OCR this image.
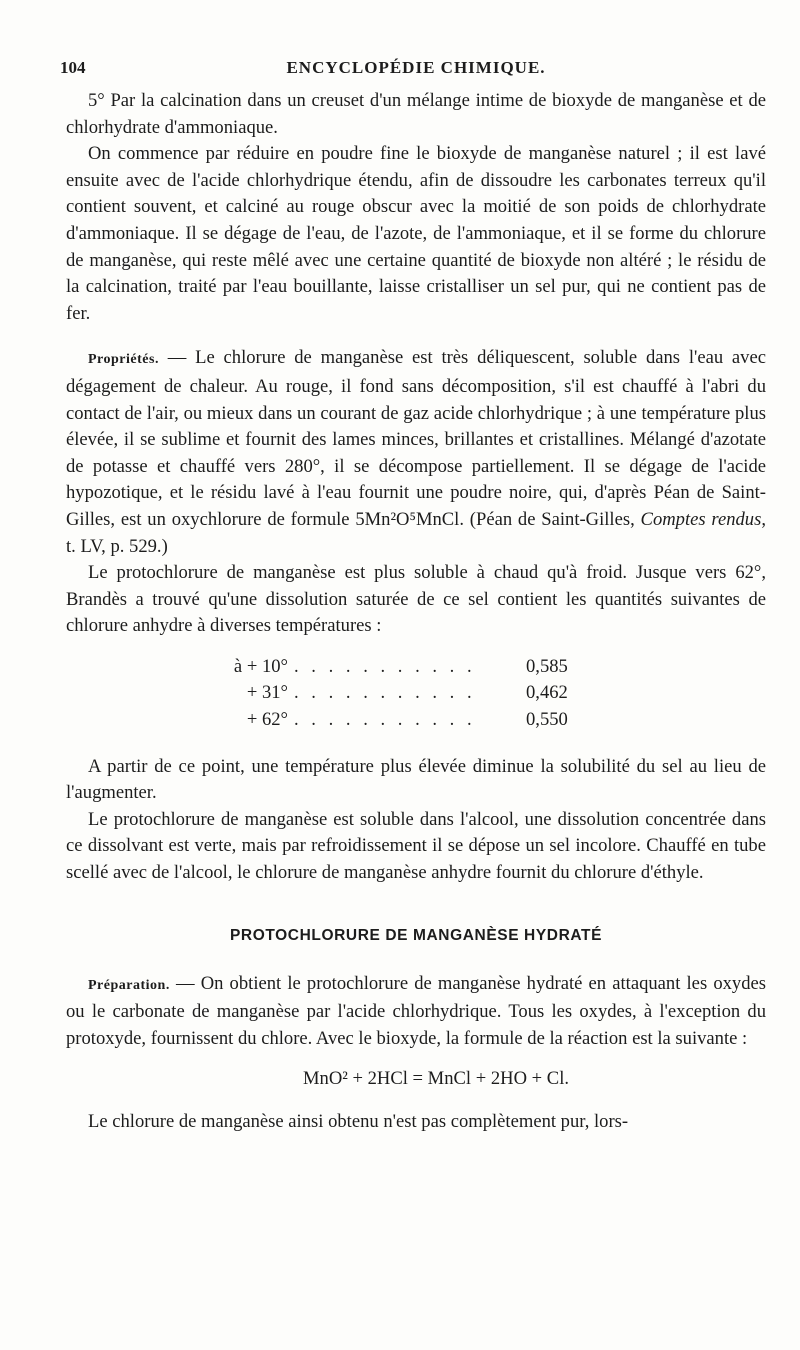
104	ENCYCLOPÉDIE CHIMIQUE.

5° Par la calcination dans un creuset d'un mélange intime de bioxyde de manganèse et de chlorhydrate d'ammoniaque.

On commence par réduire en poudre fine le bioxyde de manganèse naturel ; il est lavé ensuite avec de l'acide chlorhydrique étendu, afin de dissoudre les carbonates terreux qu'il contient souvent, et calciné au rouge obscur avec la moitié de son poids de chlorhydrate d'ammoniaque. Il se dégage de l'eau, de l'azote, de l'ammoniaque, et il se forme du chlorure de manganèse, qui reste mêlé avec une certaine quantité de bioxyde non altéré ; le résidu de la calcination, traité par l'eau bouillante, laisse cristalliser un sel pur, qui ne contient pas de fer.

Propriétés. — Le chlorure de manganèse est très déliquescent, soluble dans l'eau avec dégagement de chaleur. Au rouge, il fond sans décomposition, s'il est chauffé à l'abri du contact de l'air, ou mieux dans un courant de gaz acide chlorhydrique ; à une température plus élevée, il se sublime et fournit des lames minces, brillantes et cristallines. Mélangé d'azotate de potasse et chauffé vers 280°, il se décompose partiellement. Il se dégage de l'acide hypozotique, et le résidu lavé à l'eau fournit une poudre noire, qui, d'après Péan de Saint-Gilles, est un oxychlorure de formule 5Mn²O⁵MnCl. (Péan de Saint-Gilles, Comptes rendus, t. LV, p. 529.)

Le protochlorure de manganèse est plus soluble à chaud qu'à froid. Jusque vers 62°, Brandès a trouvé qu'une dissolution saturée de ce sel contient les quantités suivantes de chlorure anhydre à diverses températures :

à + 10° . . . . . . . . . . .	0,585
+ 31° . . . . . . . . . . .	0,462
+ 62° . . . . . . . . . . .	0,550

A partir de ce point, une température plus élevée diminue la solubilité du sel au lieu de l'augmenter.

Le protochlorure de manganèse est soluble dans l'alcool, une dissolution concentrée dans ce dissolvant est verte, mais par refroidissement il se dépose un sel incolore. Chauffé en tube scellé avec de l'alcool, le chlorure de manganèse anhydre fournit du chlorure d'éthyle.

PROTOCHLORURE DE MANGANÈSE HYDRATÉ

Préparation. — On obtient le protochlorure de manganèse hydraté en attaquant les oxydes ou le carbonate de manganèse par l'acide chlorhydrique. Tous les oxydes, à l'exception du protoxyde, fournissent du chlore. Avec le bioxyde, la formule de la réaction est la suivante :

MnO² + 2HCl = MnCl + 2HO + Cl.

Le chlorure de manganèse ainsi obtenu n'est pas complètement pur, lors-
